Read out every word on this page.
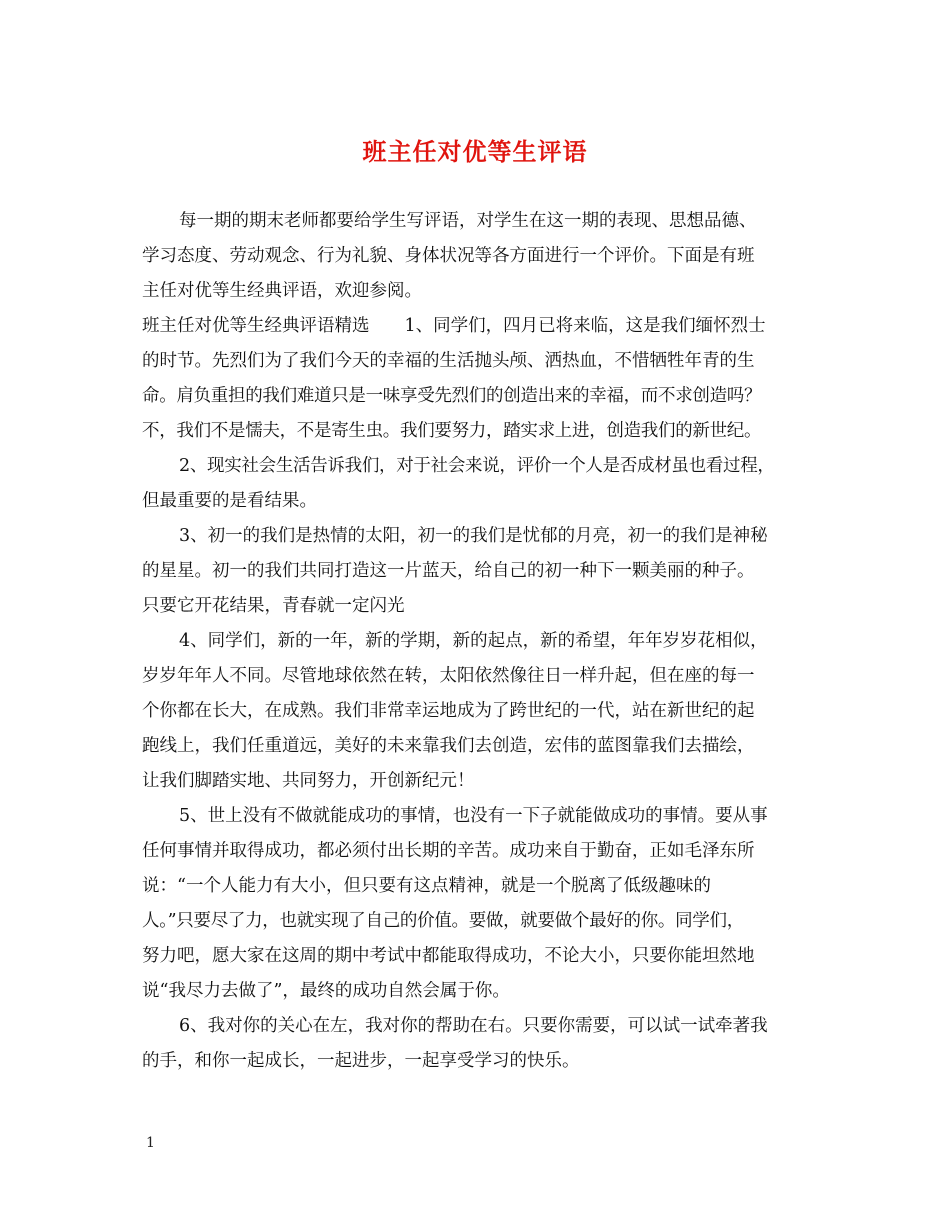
班主任对优等生评语
每一期的期末老师都要给学生写评语，对学生在这一期的表现、思想品德、
学习态度、劳动观念、行为礼貌、身体状况等各方面进行一个评价。下面是有班
主任对优等生经典评语，欢迎参阅。
班主任对优等生经典评语精选　　1、同学们，四月已将来临，这是我们缅怀烈士
的时节。先烈们为了我们今天的幸福的生活抛头颅、洒热血，不惜牺牲年青的生
命。肩负重担的我们难道只是一味享受先烈们的创造出来的幸福，而不求创造吗？
不，我们不是懦夫，不是寄生虫。我们要努力，踏实求上进，创造我们的新世纪。
2、现实社会生活告诉我们，对于社会来说，评价一个人是否成材虽也看过程，
但最重要的是看结果。
3、初一的我们是热情的太阳，初一的我们是忧郁的月亮，初一的我们是神秘
的星星。初一的我们共同打造这一片蓝天，给自己的初一种下一颗美丽的种子。
只要它开花结果，青春就一定闪光
4、同学们，新的一年，新的学期，新的起点，新的希望，年年岁岁花相似，
岁岁年年人不同。尽管地球依然在转，太阳依然像往日一样升起，但在座的每一
个你都在长大，在成熟。我们非常幸运地成为了跨世纪的一代，站在新世纪的起
跑线上，我们任重道远，美好的未来靠我们去创造，宏伟的蓝图靠我们去描绘，
让我们脚踏实地、共同努力，开创新纪元！
5、世上没有不做就能成功的事情，也没有一下子就能做成功的事情。要从事
任何事情并取得成功，都必须付出长期的辛苦。成功来自于勤奋，正如毛泽东所
说：“一个人能力有大小，但只要有这点精神，就是一个脱离了低级趣味的
人。”只要尽了力，也就实现了自己的价值。要做，就要做个最好的你。同学们，
努力吧，愿大家在这周的期中考试中都能取得成功，不论大小，只要你能坦然地
说“我尽力去做了”，最终的成功自然会属于你。
6、我对你的关心在左，我对你的帮助在右。只要你需要，可以试一试牵著我
的手，和你一起成长，一起进步，一起享受学习的快乐。
1
